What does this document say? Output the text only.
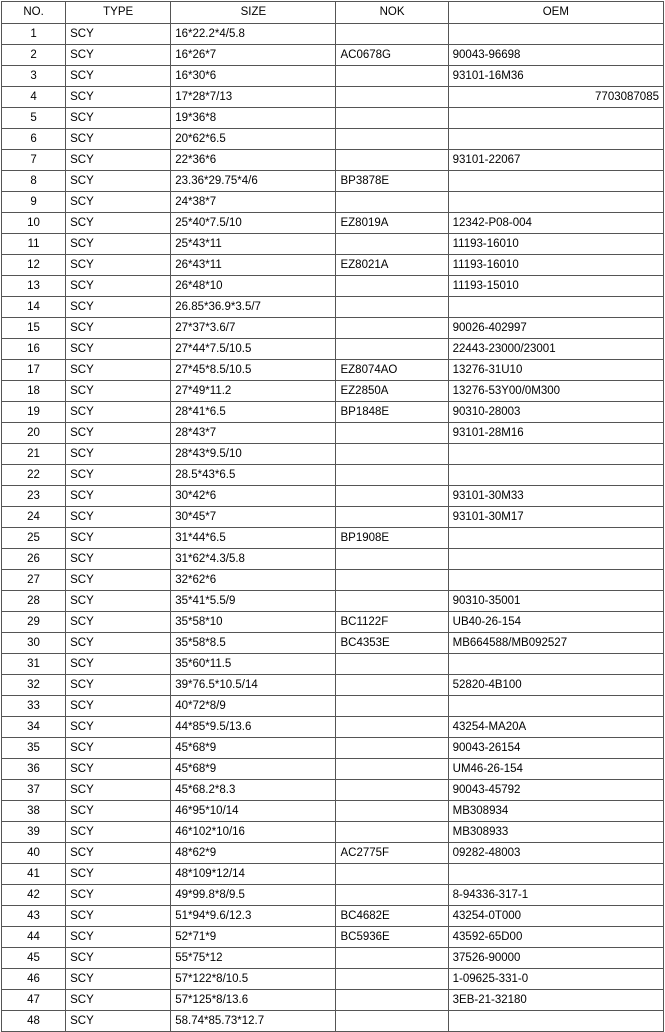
NO.	TYPE	SIZE	NOK	OEM
1	SCY	16*22.2*4/5.8		
2	SCY	16*26*7	AC0678G	90043-96698
3	SCY	16*30*6		93101-16M36
4	SCY	17*28*7/13		7703087085
5	SCY	19*36*8		
6	SCY	20*62*6.5		
7	SCY	22*36*6		93101-22067
8	SCY	23.36*29.75*4/6	BP3878E	
9	SCY	24*38*7		
10	SCY	25*40*7.5/10	EZ8019A	12342-P08-004
11	SCY	25*43*11		11193-16010
12	SCY	26*43*11	EZ8021A	11193-16010
13	SCY	26*48*10		11193-15010
14	SCY	26.85*36.9*3.5/7		
15	SCY	27*37*3.6/7		90026-402997
16	SCY	27*44*7.5/10.5		22443-23000/23001
17	SCY	27*45*8.5/10.5	EZ8074AO	13276-31U10
18	SCY	27*49*11.2	EZ2850A	13276-53Y00/0M300
19	SCY	28*41*6.5	BP1848E	90310-28003
20	SCY	28*43*7		93101-28M16
21	SCY	28*43*9.5/10		
22	SCY	28.5*43*6.5		
23	SCY	30*42*6		93101-30M33
24	SCY	30*45*7		93101-30M17
25	SCY	31*44*6.5	BP1908E	
26	SCY	31*62*4.3/5.8		
27	SCY	32*62*6		
28	SCY	35*41*5.5/9		90310-35001
29	SCY	35*58*10	BC1122F	UB40-26-154
30	SCY	35*58*8.5	BC4353E	MB664588/MB092527
31	SCY	35*60*11.5		
32	SCY	39*76.5*10.5/14		52820-4B100
33	SCY	40*72*8/9		
34	SCY	44*85*9.5/13.6		43254-MA20A
35	SCY	45*68*9		90043-26154
36	SCY	45*68*9		UM46-26-154
37	SCY	45*68.2*8.3		90043-45792
38	SCY	46*95*10/14		MB308934
39	SCY	46*102*10/16		MB308933
40	SCY	48*62*9	AC2775F	09282-48003
41	SCY	48*109*12/14		
42	SCY	49*99.8*8/9.5		8-94336-317-1
43	SCY	51*94*9.6/12.3	BC4682E	43254-0T000
44	SCY	52*71*9	BC5936E	43592-65D00
45	SCY	55*75*12		37526-90000
46	SCY	57*122*8/10.5		1-09625-331-0
47	SCY	57*125*8/13.6		3EB-21-32180
48	SCY	58.74*85.73*12.7		
